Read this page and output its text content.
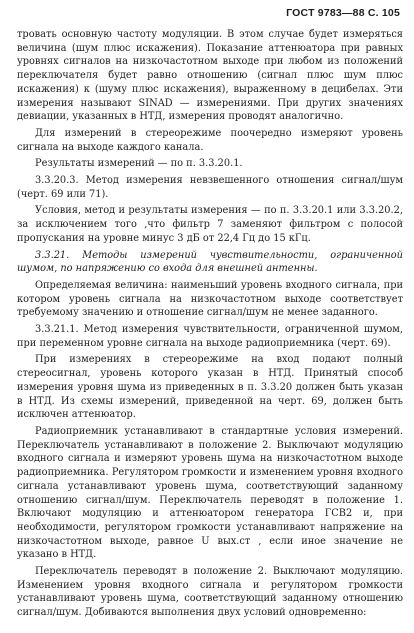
ГОСТ 9783—88 С. 105

тровать основную частоту модуляции. В этом случае будет измеряться величина (шум плюс искажения). Показание аттенюатора при равных уровнях сигналов на низкочастотном выходе при любом из положений переключателя будет равно отношению (сигнал плюс шум плюс искажения) к (шуму плюс искажения), выраженному в децибелах. Эти измерения называют SINAD — измерениями. При других значениях девиации, указанных в НТД, измерения проводят аналогично.

Для измерений в стереорежиме поочередно измеряют уровень сигнала на выходе каждого канала.

Результаты измерений — по п. 3.3.20.1.

3.3.20.3. Метод измерения невзвешенного отношения сигнал/шум (черт. 69 или 71).

Условия, метод и результаты измерения — по п. 3.3.20.1 или 3.3.20.2, за исключением того ,что фильтр 7 заменяют фильтром с полосой пропускания на уровне минус 3 дБ от 22,4 Гц до 15 кГц.

3.3.21. Методы измерений чувствительности, ограниченной шумом, по напряжению со входа для внешней антенны.

Определяемая величина: наименьший уровень входного сигнала, при котором уровень сигнала на низкочастотном выходе соответствует требуемому значению и отношение сигнал/шум не менее заданного.

3.3.21.1. Метод измерения чувствительности, ограниченной шумом, при переменном уровне сигнала на выходе радиоприемника (черт. 69).

При измерениях в стереорежиме на вход подают полный стереосигнал, уровень которого указан в НТД. Принятый способ измерения уровня шума из приведенных в п. 3.3.20 должен быть указан в НТД. Из схемы измерений, приведенной на черт. 69, должен быть исключен аттенюатор.

Радиоприемник устанавливают в стандартные условия измерений. Переключатель устанавливают в положение 2. Выключают модуляцию входного сигнала и измеряют уровень шума на низкочастотном выходе радиоприемника. Регулятором громкости и изменением уровня входного сигнала устанавливают уровень шума, соответствующий заданному отношению сигнал/шум. Переключатель переводят в положение 1. Включают модуляцию и аттенюатором генератора ГСВ2 и, при необходимости, регулятором громкости устанавливают напряжение на низкочастотном выходе, равное U вых.ст , если иное значение не указано в НТД.

Переключатель переводят в положение 2. Выключают модуляцию. Изменением уровня входного сигнала и регулятором громкости устанавливают уровень шума, соответствующий заданному отношению сигнал/шум. Добиваются выполнения двух условий одновременно:
